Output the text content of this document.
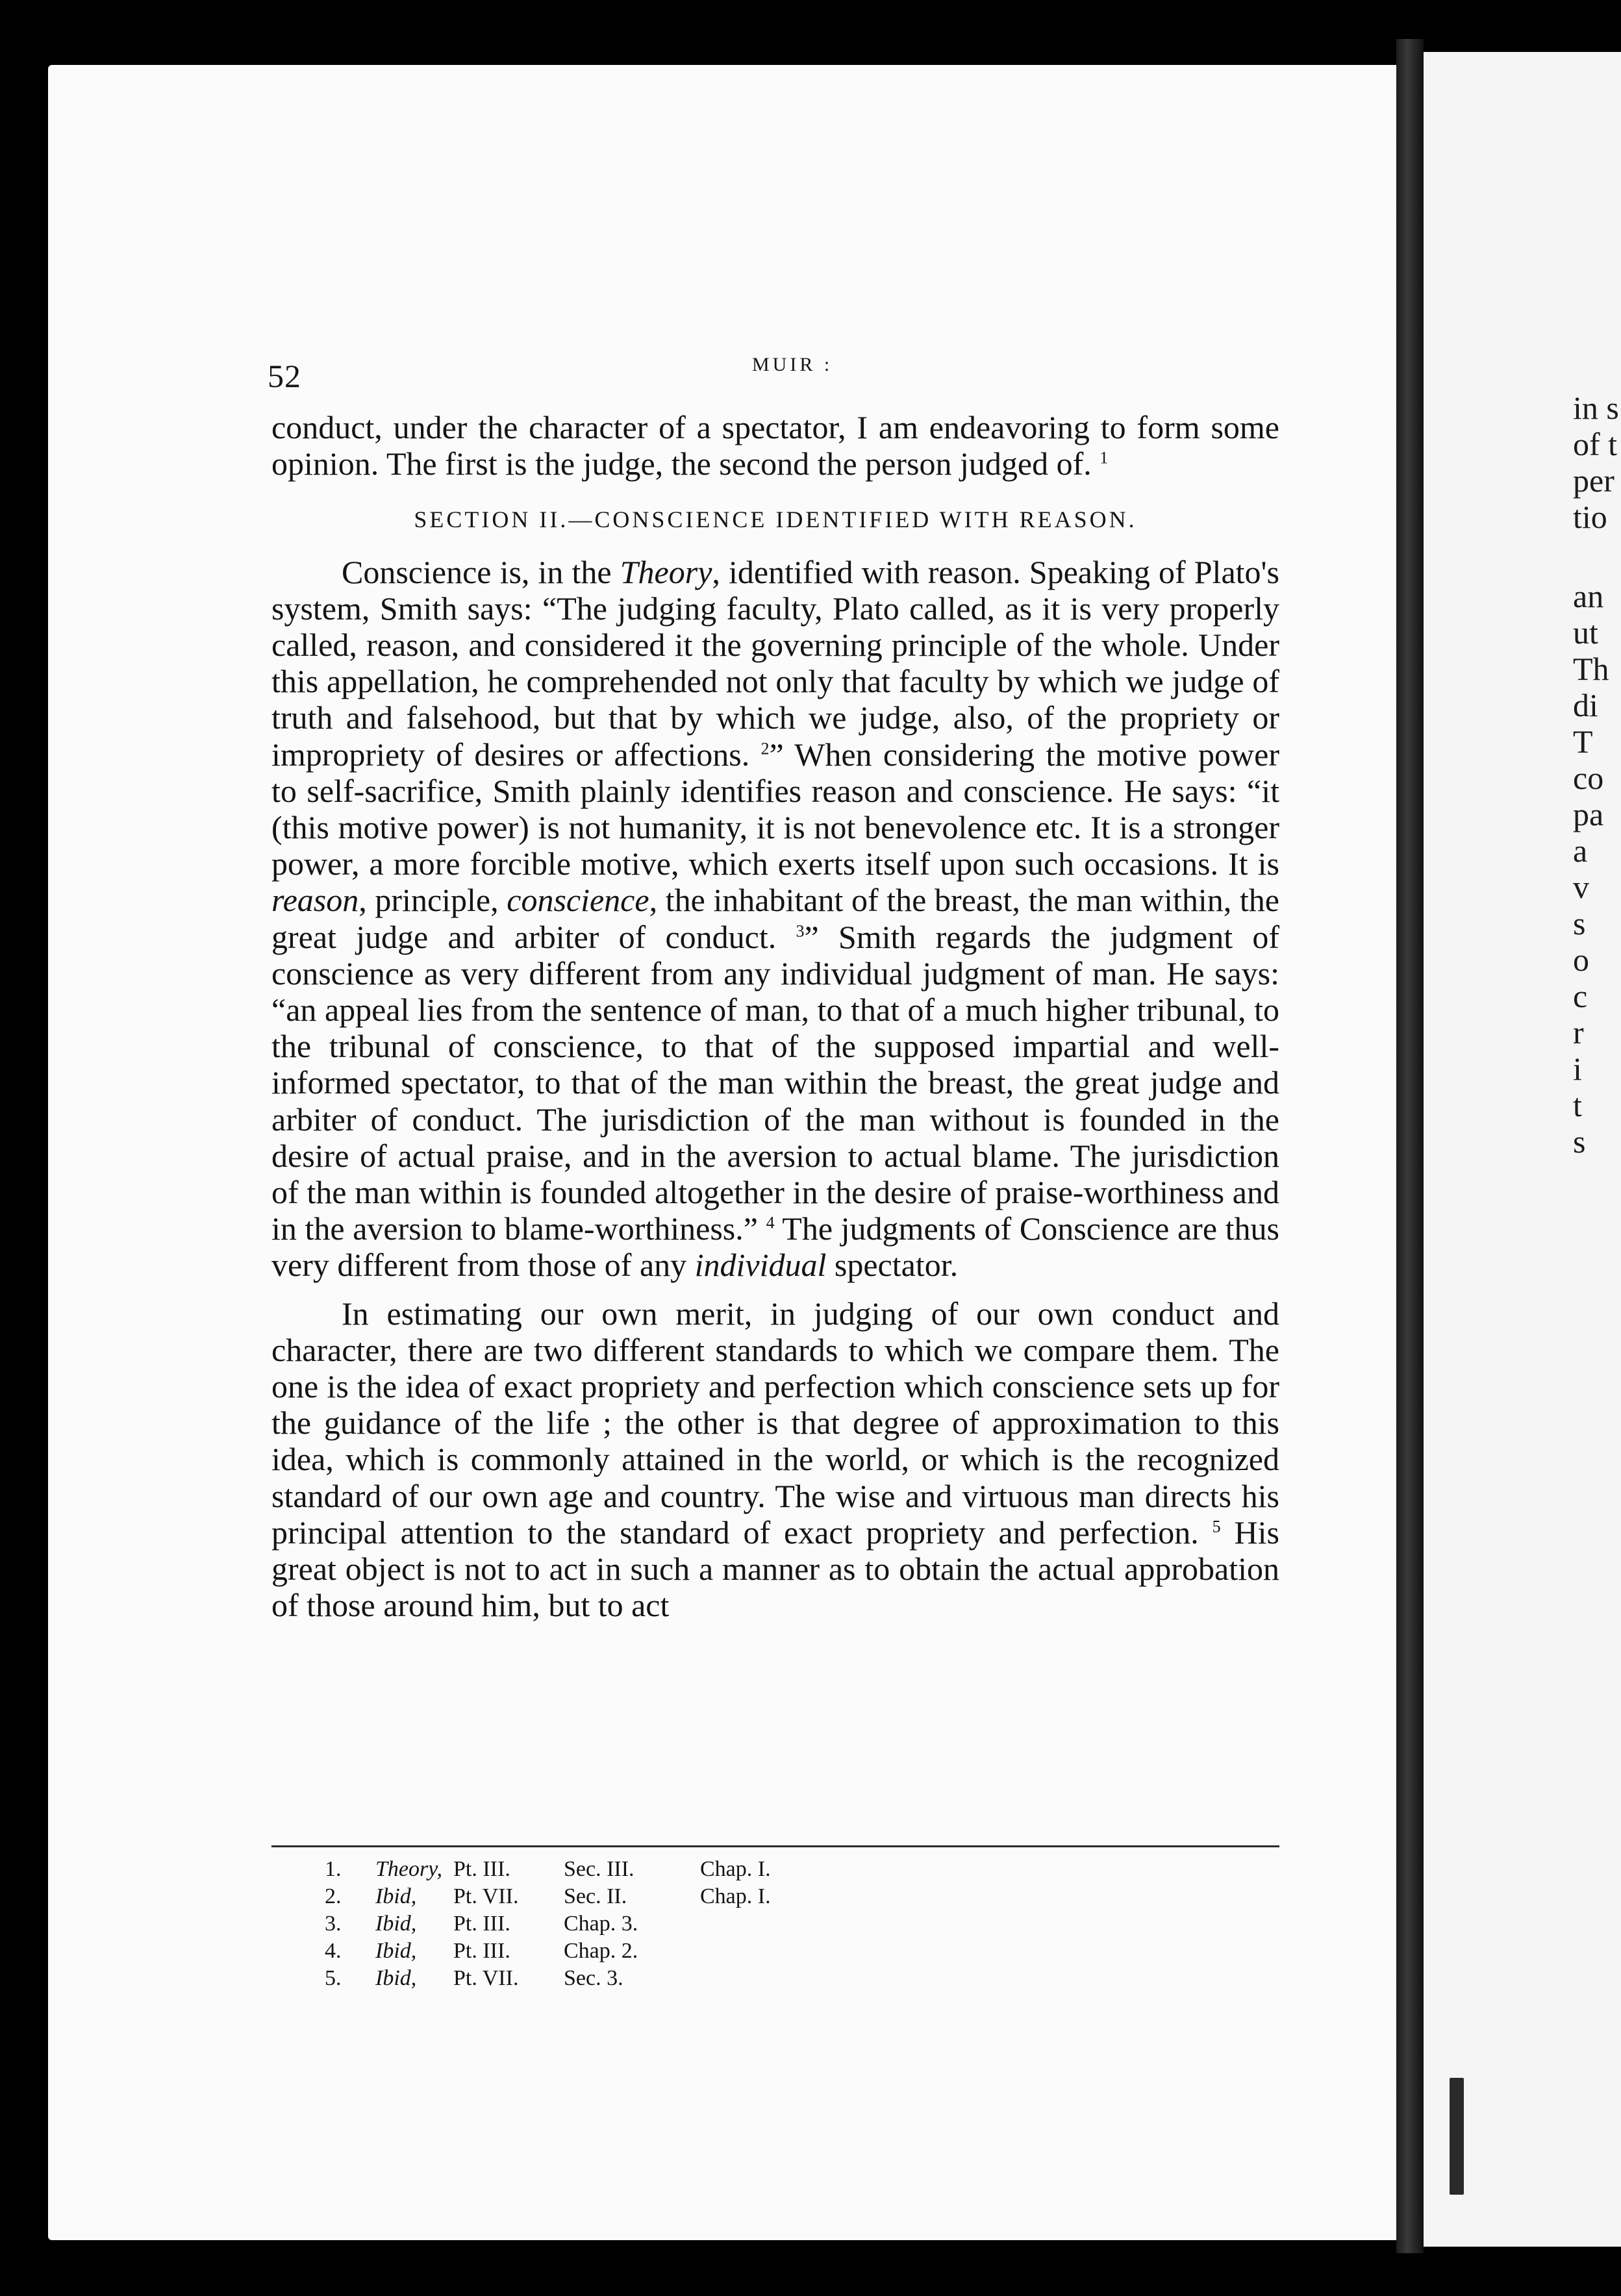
in s
of t
per
tio
an
ut
Th
di
T
co
pa
a
v
s
o
c
r
i
t
s
52	MUIR :

conduct, under the character of a spectator, I am endeavoring to form some opinion. The first is the judge, the second the person judged of. $^1$

SECTION II.—CONSCIENCE IDENTIFIED WITH REASON.

Conscience is, in the Theory, identified with reason. Speaking of Plato's system, Smith says: “The judging faculty, Plato called, as it is very properly called, reason, and considered it the governing principle of the whole. Under this appellation, he comprehended not only that faculty by which we judge of truth and falsehood, but that by which we judge, also, of the propriety or impropriety of desires or affections. $^2$” When considering the motive power to self-sacrifice, Smith plainly identifies reason and conscience. He says: “it (this motive power) is not humanity, it is not benevolence etc. It is a stronger power, a more forcible motive, which exerts itself upon such occasions. It is reason, principle, conscience, the inhabitant of the breast, the man within, the great judge and arbiter of conduct. $^3$” Smith regards the judgment of conscience as very different from any individual judgment of man. He says: “an appeal lies from the sentence of man, to that of a much higher tribunal, to the tribunal of conscience, to that of the supposed impartial and well-informed spectator, to that of the man within the breast, the great judge and arbiter of conduct. The jurisdiction of the man without is founded in the desire of actual praise, and in the aversion to actual blame. The jurisdiction of the man within is founded altogether in the desire of praise-worthiness and in the aversion to blame-worthiness.” $^4$ The judgments of Conscience are thus very different from those of any individual spectator.

In estimating our own merit, in judging of our own conduct and character, there are two different standards to which we compare them. The one is the idea of exact propriety and perfection which conscience sets up for the guidance of the life ; the other is that degree of approximation to this idea, which is commonly attained in the world, or which is the recognized standard of our own age and country. The wise and virtuous man directs his principal attention to the standard of exact propriety and perfection. $^5$ His great object is not to act in such a manner as to obtain the actual approbation of those around him, but to act

1.	Theory, Pt. III.	Sec. III.	Chap. I.
2.	Ibid,	Pt. VII.	Sec. II.	Chap. I.
3.	Ibid,	Pt. III.	Chap. 3.
4.	Ibid,	Pt. III.	Chap. 2.
5.	Ibid,	Pt. VII.	Sec. 3.
